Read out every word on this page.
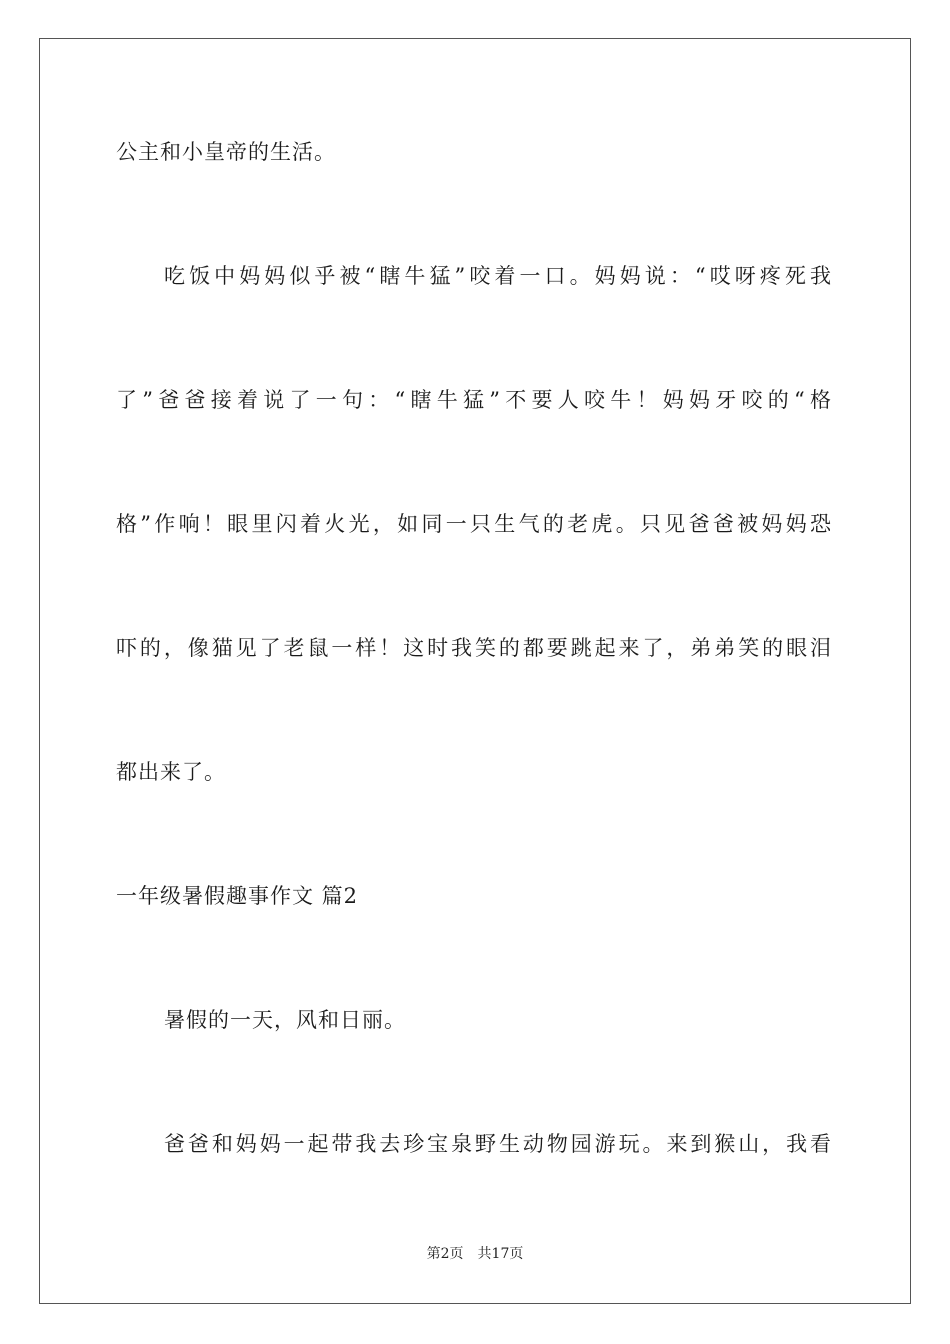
公主和小皇帝的生活。
吃饭中妈妈似乎被“瞎牛猛”咬着一口。妈妈说：“哎呀疼死我
了”爸爸接着说了一句：“瞎牛猛”不要人咬牛！妈妈牙咬的“格
格”作响！眼里闪着火光，如同一只生气的老虎。只见爸爸被妈妈恐
吓的，像猫见了老鼠一样！这时我笑的都要跳起来了，弟弟笑的眼泪
都出来了。
一年级暑假趣事作文 篇2
暑假的一天，风和日丽。
爸爸和妈妈一起带我去珍宝泉野生动物园游玩。来到猴山，我看
第2页 共17页
